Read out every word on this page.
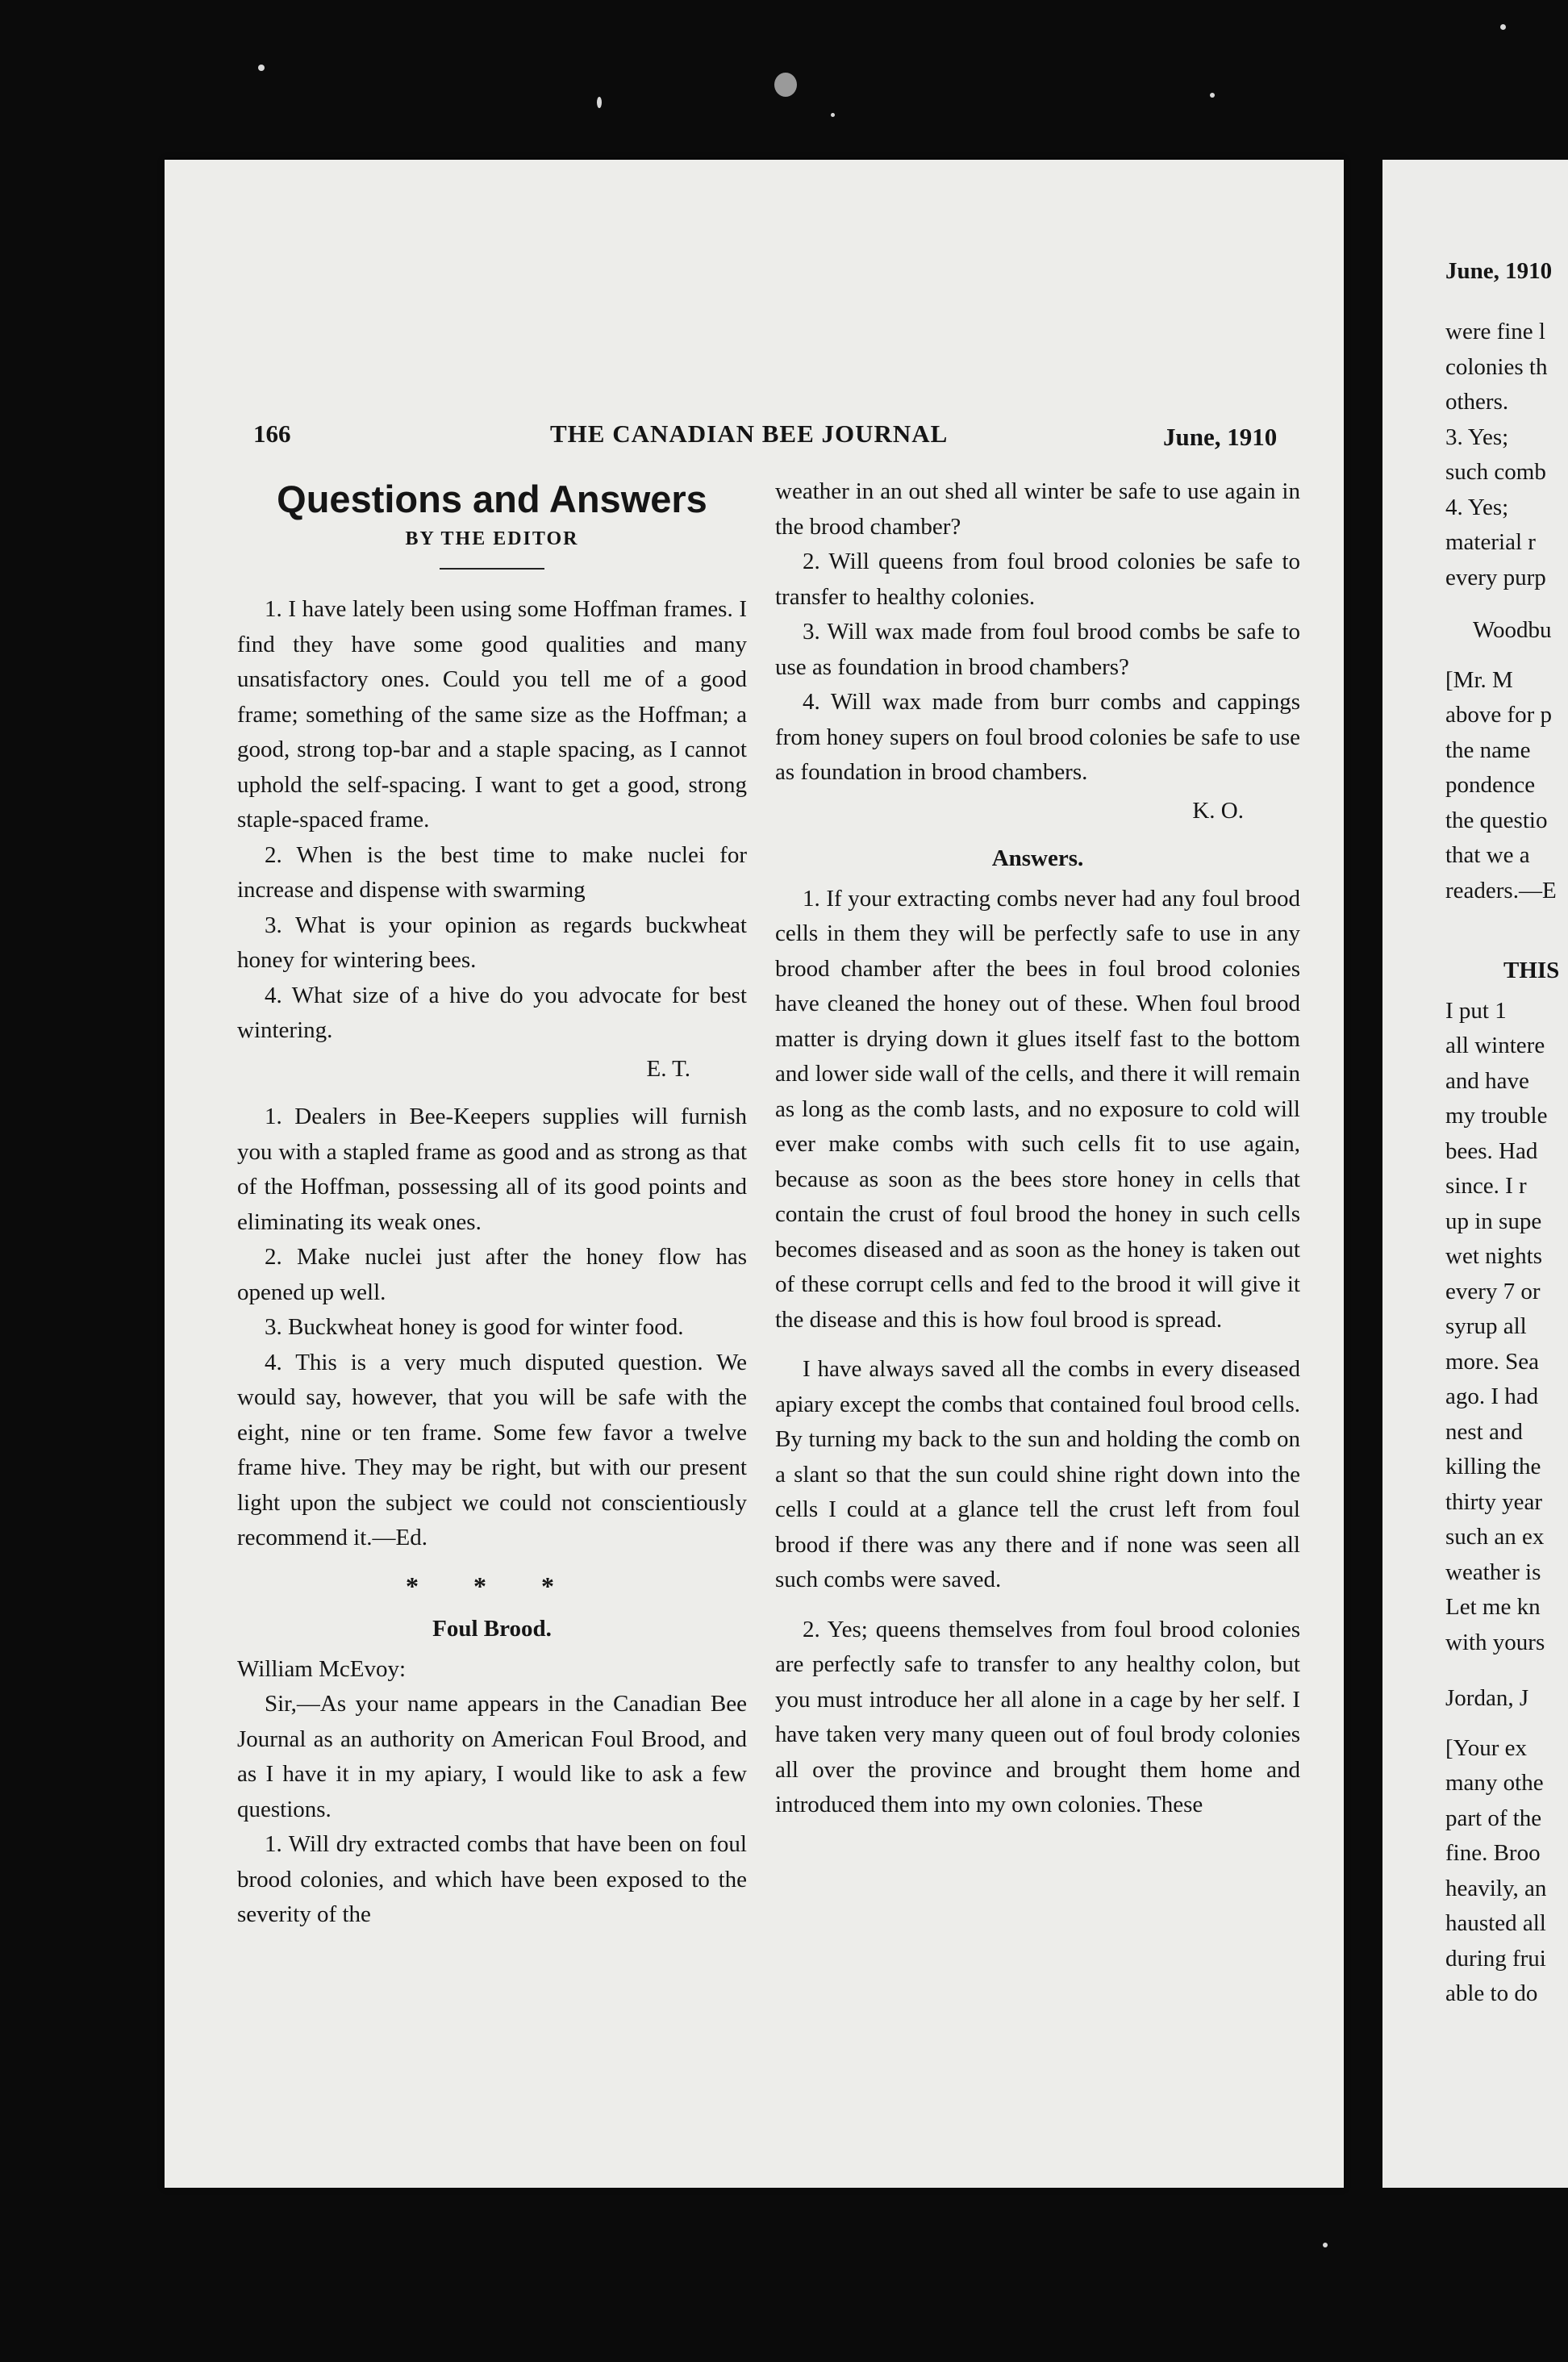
166	THE CANADIAN BEE JOURNAL	June, 1910
Questions and Answers
BY THE EDITOR

1. I have lately been using some Hoffman frames. I find they have some good qualities and many unsatisfactory ones. Could you tell me of a good frame; something of the same size as the Hoffman; a good, strong top-bar and a staple spacing, as I cannot uphold the self-spacing. I want to get a good, strong staple-spaced frame.

2. When is the best time to make nuclei for increase and dispense with swarming

3. What is your opinion as regards buckwheat honey for wintering bees.

4. What size of a hive do you advocate for best wintering.

E. T.

1. Dealers in Bee-Keepers supplies will furnish you with a stapled frame as good and as strong as that of the Hoffman, possessing all of its good points and eliminating its weak ones.

2. Make nuclei just after the honey flow has opened up well.

3. Buckwheat honey is good for winter food.

4. This is a very much disputed question. We would say, however, that you will be safe with the eight, nine or ten frame. Some few favor a twelve frame hive. They may be right, but with our present light upon the subject we could not conscientiously recommend it.—Ed.

* * *
Foul Brood.

William McEvoy:

Sir,—As your name appears in the Canadian Bee Journal as an authority on American Foul Brood, and as I have it in my apiary, I would like to ask a few questions.

1. Will dry extracted combs that have been on foul brood colonies, and which have been exposed to the severity of the

weather in an out shed all winter be safe to use again in the brood chamber?

2. Will queens from foul brood colonies be safe to transfer to healthy colonies.

3. Will wax made from foul brood combs be safe to use as foundation in brood chambers?

4. Will wax made from burr combs and cappings from honey supers on foul brood colonies be safe to use as foundation in brood chambers.

K. O.
Answers.

1. If your extracting combs never had any foul brood cells in them they will be perfectly safe to use in any brood chamber after the bees in foul brood colonies have cleaned the honey out of these. When foul brood matter is drying down it glues itself fast to the bottom and lower side wall of the cells, and there it will remain as long as the comb lasts, and no exposure to cold will ever make combs with such cells fit to use again, because as soon as the bees store honey in cells that contain the crust of foul brood the honey in such cells becomes diseased and as soon as the honey is taken out of these corrupt cells and fed to the brood it will give it the disease and this is how foul brood is spread.

I have always saved all the combs in every diseased apiary except the combs that contained foul brood cells. By turning my back to the sun and holding the comb on a slant so that the sun could shine right down into the cells I could at a glance tell the crust left from foul brood if there was any there and if none was seen all such combs were saved.

2. Yes; queens themselves from foul brood colonies are perfectly safe to transfer to any healthy colon, but you must introduce her all alone in a cage by her self. I have taken very many queen out of foul brody colonies all over the province and brought them home and introduced them into my own colonies. These

June, 1910
were fine l
colonies th
others.
3. Yes;
such comb
4. Yes;
material r
every purp
Woodbu
[Mr. M
above for p
the name
pondence
the questio
that we a
readers.—E
THIS
I put 1
all wintere
and have
my trouble
bees. Had
since. I r
up in supe
wet nights
every 7 or
syrup all
more. Sea
ago. I had
nest and
killing the
thirty year
such an ex
weather is
Let me kn
with yours
Jordan, J
[Your ex
many othe
part of the
fine. Broo
heavily, an
hausted all
during frui
able to do
